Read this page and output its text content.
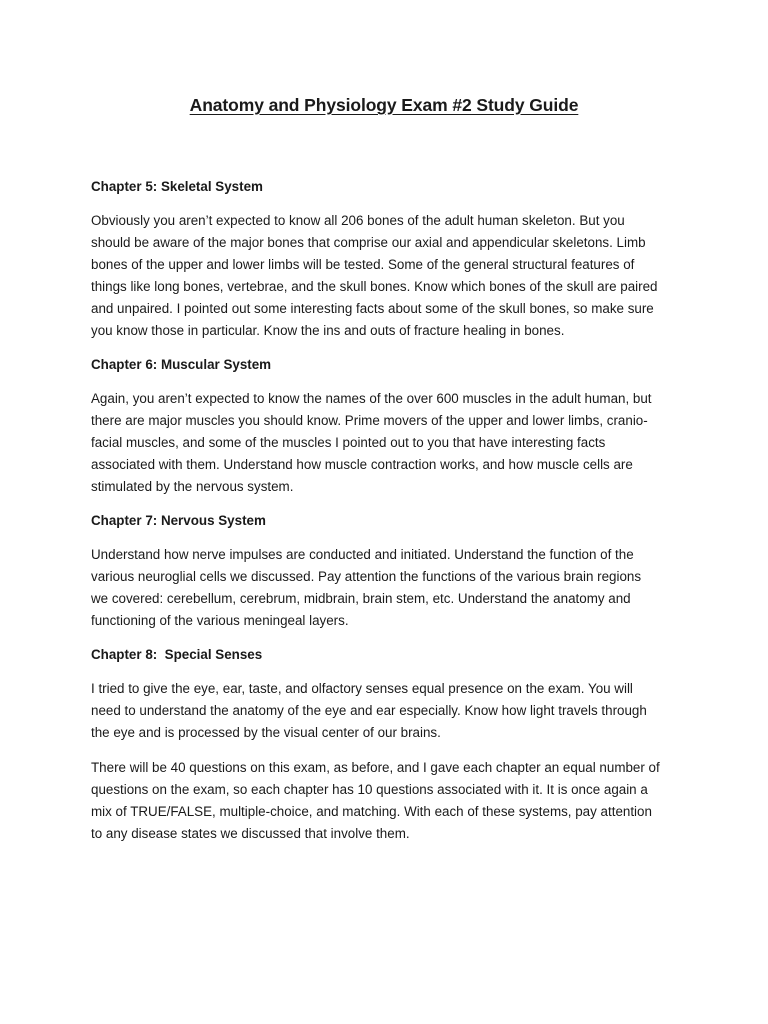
Anatomy and Physiology Exam #2 Study Guide
Chapter 5: Skeletal System
Obviously you aren’t expected to know all 206 bones of the adult human skeleton. But you
should be aware of the major bones that comprise our axial and appendicular skeletons. Limb
bones of the upper and lower limbs will be tested. Some of the general structural features of
things like long bones, vertebrae, and the skull bones. Know which bones of the skull are paired
and unpaired. I pointed out some interesting facts about some of the skull bones, so make sure
you know those in particular. Know the ins and outs of fracture healing in bones.
Chapter 6: Muscular System
Again, you aren’t expected to know the names of the over 600 muscles in the adult human, but
there are major muscles you should know. Prime movers of the upper and lower limbs, cranio-
facial muscles, and some of the muscles I pointed out to you that have interesting facts
associated with them. Understand how muscle contraction works, and how muscle cells are
stimulated by the nervous system.
Chapter 7: Nervous System
Understand how nerve impulses are conducted and initiated. Understand the function of the
various neuroglial cells we discussed. Pay attention the functions of the various brain regions
we covered: cerebellum, cerebrum, midbrain, brain stem, etc. Understand the anatomy and
functioning of the various meningeal layers.
Chapter 8:  Special Senses
I tried to give the eye, ear, taste, and olfactory senses equal presence on the exam. You will
need to understand the anatomy of the eye and ear especially. Know how light travels through
the eye and is processed by the visual center of our brains.
There will be 40 questions on this exam, as before, and I gave each chapter an equal number of
questions on the exam, so each chapter has 10 questions associated with it. It is once again a
mix of TRUE/FALSE, multiple-choice, and matching. With each of these systems, pay attention
to any disease states we discussed that involve them.
